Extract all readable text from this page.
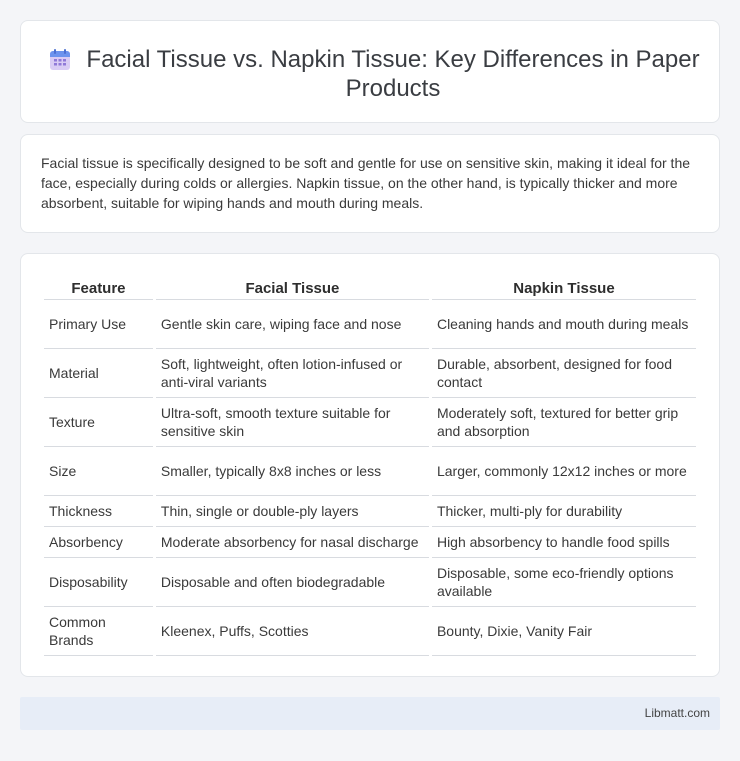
Facial Tissue vs. Napkin Tissue: Key Differences in Paper Products

Facial tissue is specifically designed to be soft and gentle for use on sensitive skin, making it ideal for the face, especially during colds or allergies. Napkin tissue, on the other hand, is typically thicker and more absorbent, suitable for wiping hands and mouth during meals.

Feature	Facial Tissue	Napkin Tissue
Primary Use	Gentle skin care, wiping face and nose	Cleaning hands and mouth during meals
Material	Soft, lightweight, often lotion-infused or anti-viral variants	Durable, absorbent, designed for food contact
Texture	Ultra-soft, smooth texture suitable for sensitive skin	Moderately soft, textured for better grip and absorption
Size	Smaller, typically 8x8 inches or less	Larger, commonly 12x12 inches or more
Thickness	Thin, single or double-ply layers	Thicker, multi-ply for durability
Absorbency	Moderate absorbency for nasal discharge	High absorbency to handle food spills
Disposability	Disposable and often biodegradable	Disposable, some eco-friendly options available
Common Brands	Kleenex, Puffs, Scotties	Bounty, Dixie, Vanity Fair
Libmatt.com
